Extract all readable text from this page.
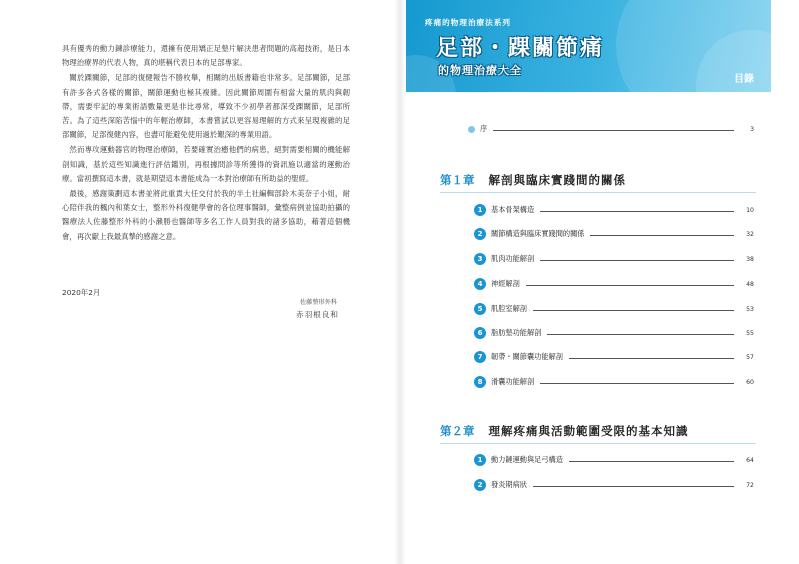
具有優秀的動力鍊診療能力，還擁有使用矯正足墊片解決患者問題的高超技術，是日本物理治療界的代表人物，真的堪稱代表日本的足部專家。

關於踝關節，足部的復健報告不勝枚舉，相關的出版書籍也非常多。足部關節，足部有許多各式各樣的關節，關節運動也極其複雜。因此關節周圍有相當大量的肌肉與韌帶，需要牢記的專業術語數量更是非比尋常，導致不少初學者都深受踝關節，足部所苦。為了這些深陷苦惱中的年輕治療師，本書嘗試以更容易理解的方式來呈現複雜的足部關節，足部復健內容，也盡可能避免使用過於艱深的專業用語。

然而專攻運動器官的物理治療師，若要確實治癒他們的病患，絕對需要相關的機能解剖知識，基於這些知識進行評估鑑別，再根據問診等所獲得的資訊施以適當的運動治療。當初撰寫這本書，就是期望這本書能成為一本對治療師有所助益的聖經。

最後，感謝策劃這本書並將此重責大任交付於我的半土社編輯部鈴木美奈子小姐，耐心陪伴我的楓內和葉女士，整形外科復健學會的各位理事醫師，彙整病例並協助拍攝的醫療法人佐藤整形外科的小瀨勝也醫師等多名工作人員對我的諸多協助，藉著這個機會，再次獻上我最真摯的感謝之意。

2020年2月
佐藤整形外科
赤羽根良和
疼痛的物理治療法系列
足部・踝關節痛
的物理治療大全
目錄
序	3
第１章 解剖與臨床實踐間的關係
1	基本骨架構造	10
2	關節構造與臨床實踐間的關係	32
3	肌肉功能解剖	38
4	神經解剖	48
5	肌腔室解剖	53
6	脂肪墊功能解剖	55
7	韌帶・關節囊功能解剖	57
8	滑囊功能解剖	60
第２章 理解疼痛與活動範圍受限的基本知識
1	動力鏈運動與足弓構造	64
2	發炎期病狀	72
